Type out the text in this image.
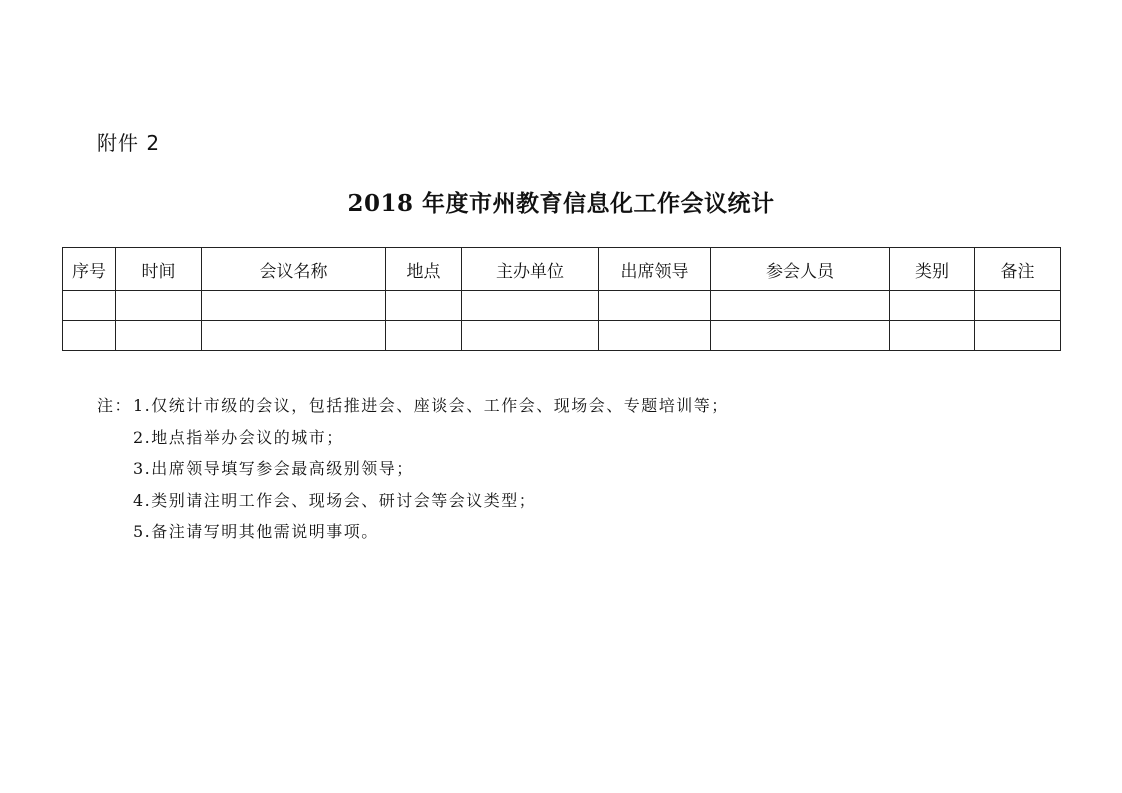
附件 2
2018 年度市州教育信息化工作会议统计
序号	时间	会议名称	地点	主办单位	出席领导	参会人员	类别	备注

注：1.仅统计市级的会议，包括推进会、座谈会、工作会、现场会、专题培训等；
2.地点指举办会议的城市；
3.出席领导填写参会最高级别领导；
4.类别请注明工作会、现场会、研讨会等会议类型；
5.备注请写明其他需说明事项。
